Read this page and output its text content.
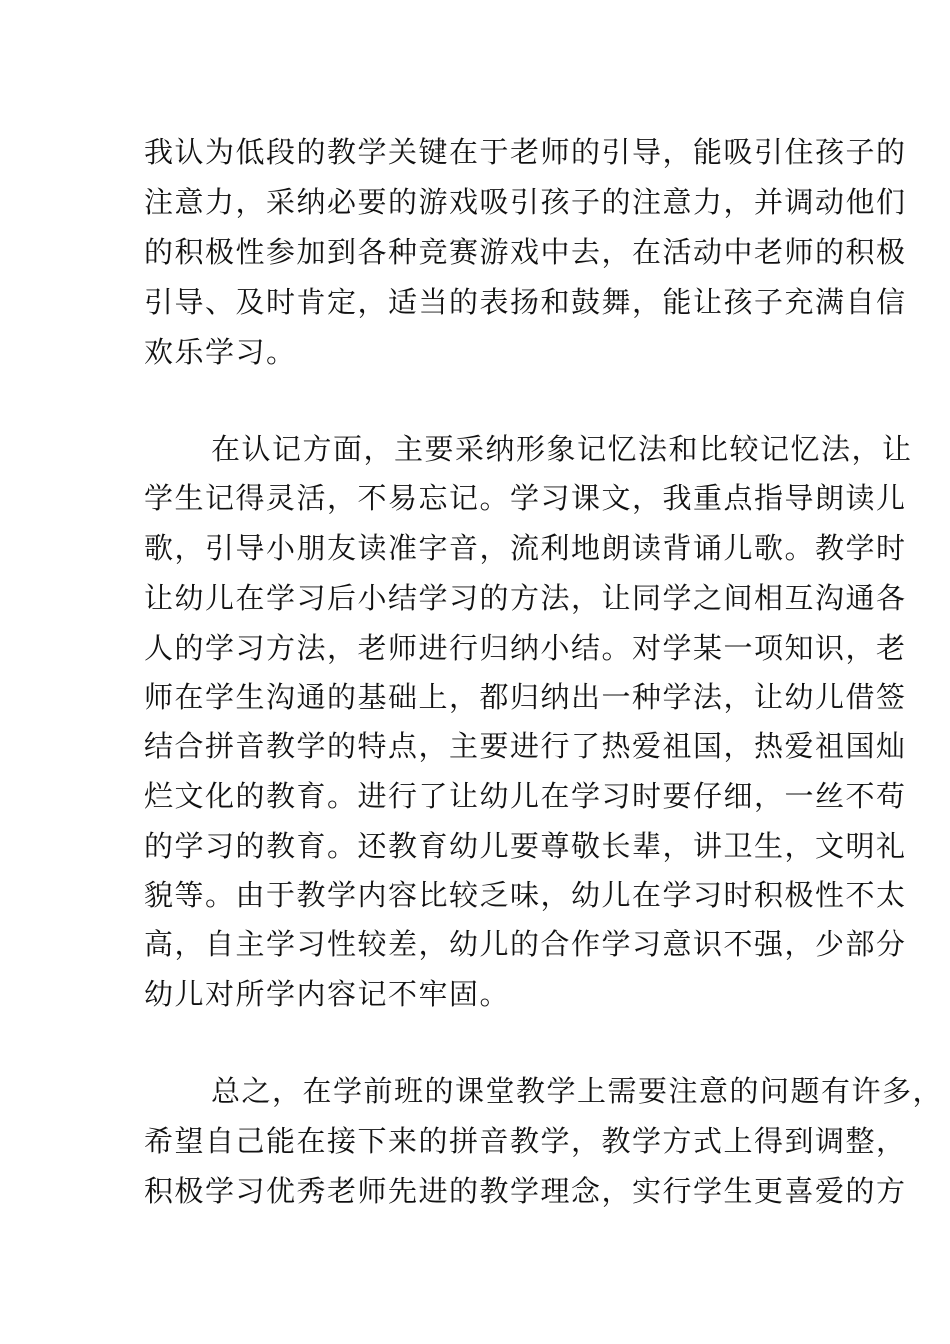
我认为低段的教学关键在于老师的引导，能吸引住孩子的
注意力，采纳必要的游戏吸引孩子的注意力，并调动他们
的积极性参加到各种竞赛游戏中去，在活动中老师的积极
引导、及时肯定，适当的表扬和鼓舞，能让孩子充满自信
欢乐学习。
在认记方面，主要采纳形象记忆法和比较记忆法，让
学生记得灵活，不易忘记。学习课文，我重点指导朗读儿
歌，引导小朋友读准字音，流利地朗读背诵儿歌。教学时
让幼儿在学习后小结学习的方法，让同学之间相互沟通各
人的学习方法，老师进行归纳小结。对学某一项知识，老
师在学生沟通的基础上，都归纳出一种学法，让幼儿借签
结合拼音教学的特点，主要进行了热爱祖国，热爱祖国灿
烂文化的教育。进行了让幼儿在学习时要仔细，一丝不苟
的学习的教育。还教育幼儿要尊敬长辈，讲卫生，文明礼
貌等。由于教学内容比较乏味，幼儿在学习时积极性不太
高，自主学习性较差，幼儿的合作学习意识不强，少部分
幼儿对所学内容记不牢固。
总之，在学前班的课堂教学上需要注意的问题有许多，
希望自己能在接下来的拼音教学，教学方式上得到调整，
积极学习优秀老师先进的教学理念，实行学生更喜爱的方
